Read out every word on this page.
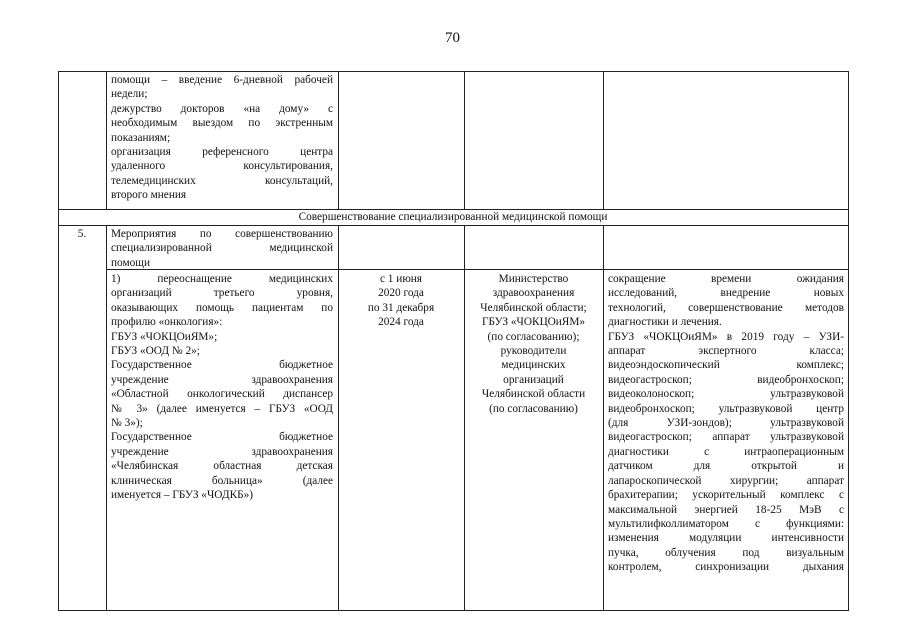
70

помощи – введение 6-дневной рабочей

недели;

дежурство докторов «на дому» с

необходимым выездом по экстренным

показаниям;

организация референсного центра

удаленного консультирования,

телемедицинских консультаций,

второго мнения

Совершенствование специализированной медицинской помощи
5.	Мероприятия по совершенствованию

специализированной медицинской

помощи

1) переоснащение медицинских

организаций третьего уровня,

оказывающих помощь пациентам по

профилю «онкология»:

ГБУЗ «ЧОКЦОиЯМ»;

ГБУЗ «ООД № 2»;

Государственное бюджетное

учреждение здравоохранения

«Областной онкологический диспансер

№ 3» (далее именуется – ГБУЗ «ООД

№ 3»);

Государственное бюджетное

учреждение здравоохранения

«Челябинская областная детская

клиническая больница» (далее

именуется – ГБУЗ «ЧОДКБ»)

с 1 июня

2020 года

по 31 декабря

2024 года

Министерство

здравоохранения

Челябинской области;

ГБУЗ «ЧОКЦОиЯМ»

(по согласованию);

руководители

медицинских

организаций

Челябинской области

(по согласованию)

сокращение времени ожидания

исследований, внедрение новых

технологий, совершенствование методов

диагностики и лечения.

ГБУЗ «ЧОКЦОиЯМ» в 2019 году – УЗИ-

аппарат экспертного класса;

видеоэндоскопический комплекс;

видеогастроскоп; видеобронхоскоп;

видеоколоноскоп; ультразвуковой

видеобронхоскоп; ультразвуковой центр

(для УЗИ-зондов); ультразвуковой

видеогастроскоп; аппарат ультразвуковой

диагностики с интраоперационным

датчиком для открытой и

лапароскопической хирургии; аппарат

брахитерапии; ускорительный комплекс с

максимальной энергией 18-25 МэВ с

мультилифколлиматором с функциями:

изменения модуляции интенсивности

пучка, облучения под визуальным

контролем, синхронизации дыхания
